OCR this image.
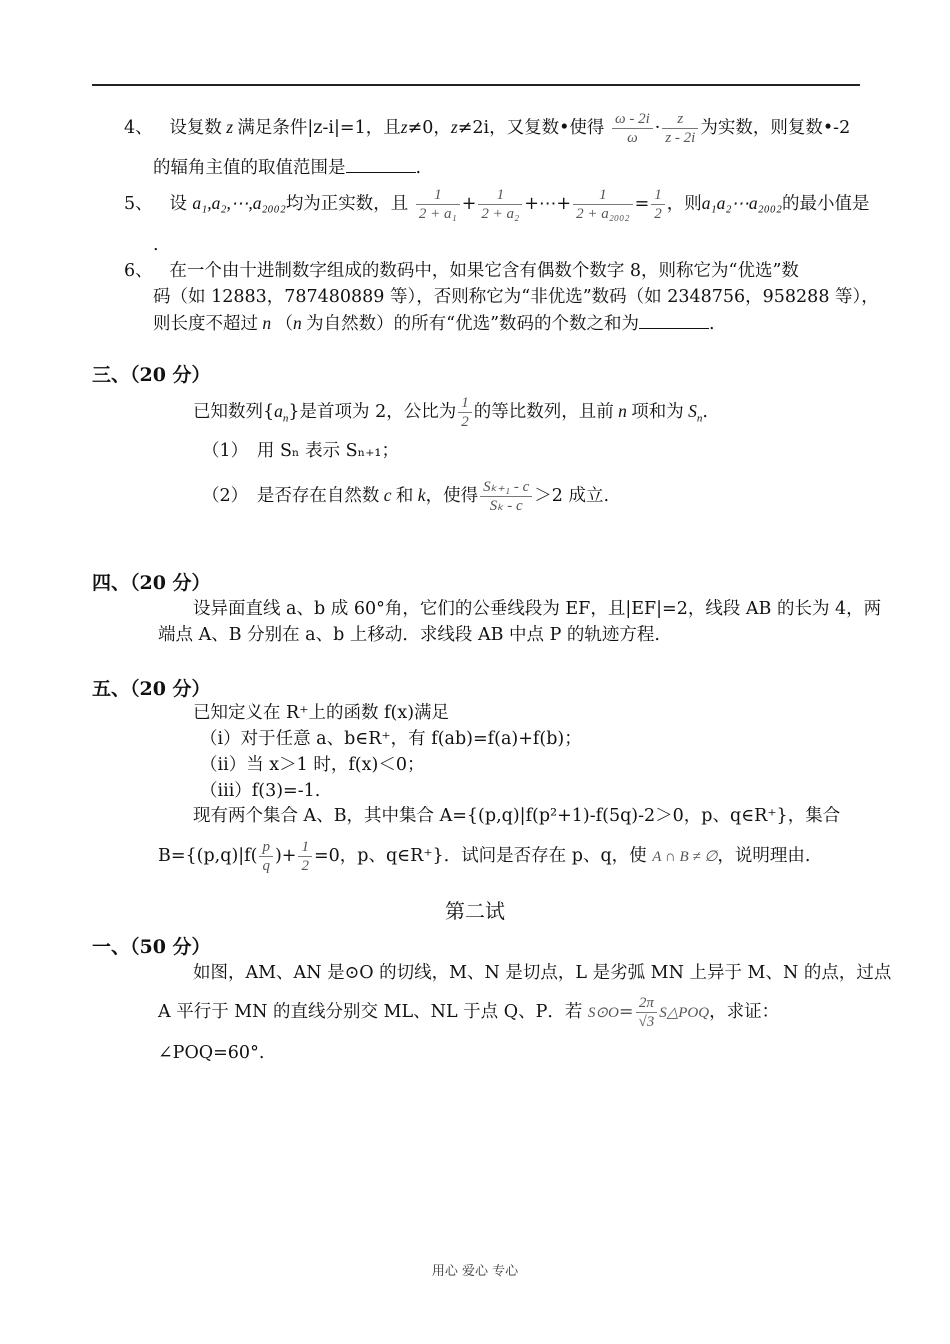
4、 设复数 z 满足条件|z-i|=1，且z≠0，z≠2i，又复数•使得 $\frac{\omega - 2i}{\omega} \cdot \frac{z}{z - 2i}$ 为实数，则复数•-2
的辐角主值的取值范围是	.
5、 设 a₁,a₂,⋯,a₂₀₀₂均为正实数，且 $\frac{1}{\text{2 + a₁}} + \frac{1}{\text{2 + a₂}}$ +⋯+ $\frac{1}{\text{2 + a₂₀₀₂}} = \frac{1}{2}$ ，则a₁a₂⋯a₂₀₀₂的最小值是
.
6、 在一个由十进制数字组成的数码中，如果它含有偶数个数字 8，则称它为“优选”数
码（如 12883，787480889 等），否则称它为“非优选”数码（如 2348756，958288 等），
则长度不超过 n （n 为自然数）的所有“优选”数码的个数之和为	.
三、（20 分）
已知数列$\{a_n\}$是首项为 2，公比为 $\frac{1}{2}$ 的等比数列，且前 n 项和为 $S_n$.
（1）　用 Sₙ 表示 Sₙ₊₁；
（2）　是否存在自然数 c 和 k，使得 $\frac{\text{Sₖ₊₁ - c}}{\text{Sₖ - c}} >2$ 成立.
四、（20 分）
设异面直线 a、b 成 60°角，它们的公垂线段为 EF，且|EF|=2，线段 AB 的长为 4，两
端点 A、B 分别在 a、b 上移动．求线段 AB 中点 P 的轨迹方程.
五、（20 分）
已知定义在 R⁺上的函数 f(x)满足
（i）对于任意 a、b∈R⁺，有 f(ab)=f(a)+f(b)；
（ii）当 x＞1 时，f(x)＜0；
（iii）f(3)=-1.
现有两个集合 A、B，其中集合 A={(p,q)|f(p²+1)-f(5q)-2＞0，p、q∈R⁺}，集合
$B=\{(p,q)|f( \frac{p}{q}$ )+ $\frac{1}{2} =0$，p、q∈R⁺}．试问是否存在 p、q，使 A ∩ B ≠ ∅，说明理由.
第二试
一、（50 分）
如图，AM、AN 是⊙O 的切线，M、N 是切点，L 是劣弧 MN 上异于 M、N 的点，过点
A 平行于 MN 的直线分别交 ML、NL 于点 Q、P．若 S⊙O= $\frac{2\pi}{√3}$ S△POQ，求证：
∠POQ=60°.
用心 爱心 专心
